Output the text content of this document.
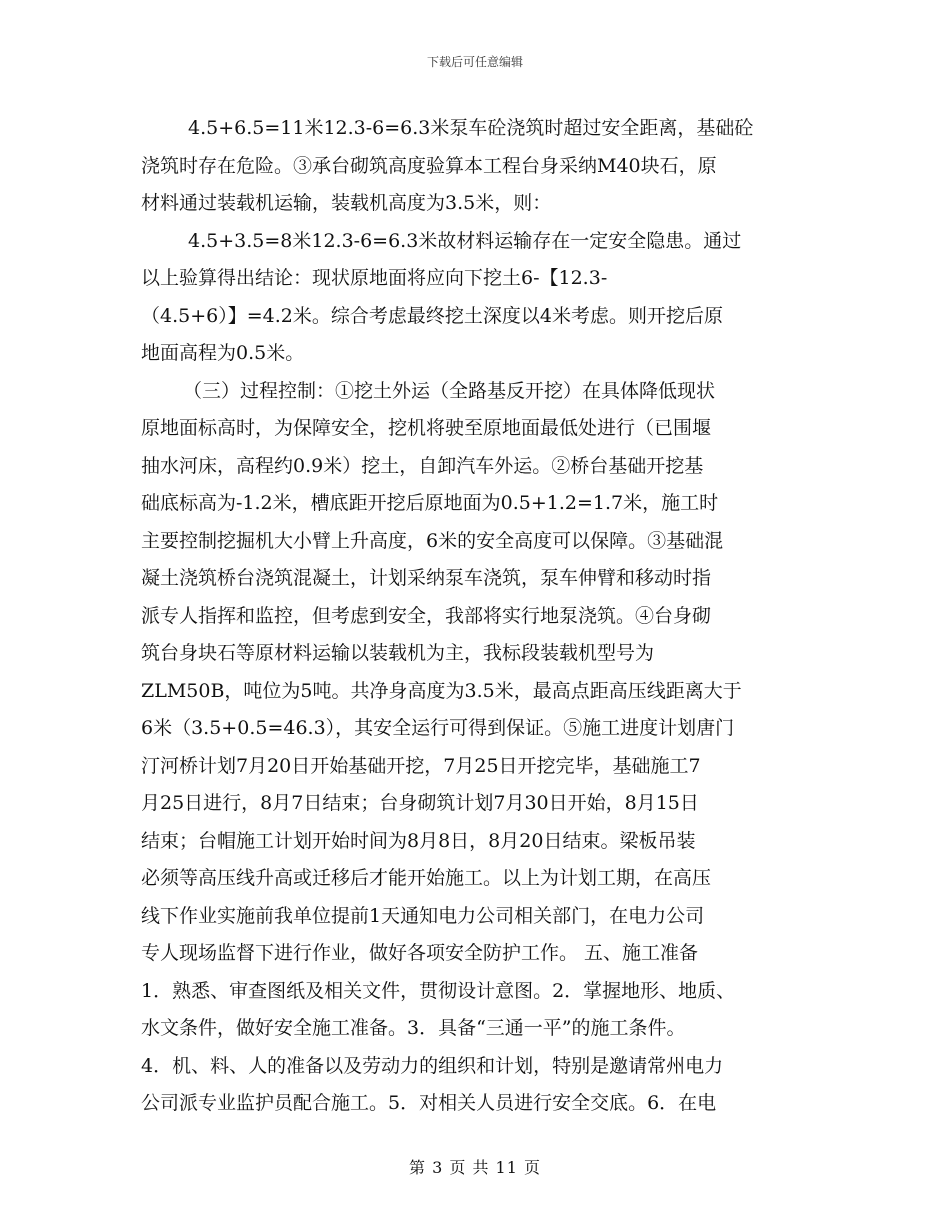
下载后可任意编辑
4.5+6.5=11米12.3-6=6.3米泵车砼浇筑时超过安全距离，基础砼
浇筑时存在危险。③承台砌筑高度验算本工程台身采纳M40块石，原
材料通过装载机运输，装载机高度为3.5米，则：
4.5+3.5=8米12.3-6=6.3米故材料运输存在一定安全隐患。通过
以上验算得出结论：现状原地面将应向下挖土6-【12.3-
（4.5+6）】=4.2米。综合考虑最终挖土深度以4米考虑。则开挖后原
地面高程为0.5米。
（三）过程控制：①挖土外运（全路基反开挖）在具体降低现状
原地面标高时，为保障安全，挖机将驶至原地面最低处进行（已围堰
抽水河床，高程约0.9米）挖土，自卸汽车外运。②桥台基础开挖基
础底标高为-1.2米，槽底距开挖后原地面为0.5+1.2=1.7米，施工时
主要控制挖掘机大小臂上升高度，6米的安全高度可以保障。③基础混
凝土浇筑桥台浇筑混凝土，计划采纳泵车浇筑，泵车伸臂和移动时指
派专人指挥和监控，但考虑到安全，我部将实行地泵浇筑。④台身砌
筑台身块石等原材料运输以装载机为主，我标段装载机型号为
ZLM50B，吨位为5吨。共净身高度为3.5米，最高点距高压线距离大于
6米（3.5+0.5=46.3），其安全运行可得到保证。⑤施工进度计划唐门
汀河桥计划7月20日开始基础开挖，7月25日开挖完毕，基础施工7
月25日进行，8月7日结束；台身砌筑计划7月30日开始，8月15日
结束；台帽施工计划开始时间为8月8日，8月20日结束。梁板吊装
必须等高压线升高或迁移后才能开始施工。以上为计划工期，在高压
线下作业实施前我单位提前1天通知电力公司相关部门，在电力公司
专人现场监督下进行作业，做好各项安全防护工作。 五、施工准备
1．熟悉、审查图纸及相关文件，贯彻设计意图。2．掌握地形、地质、
水文条件，做好安全施工准备。3．具备“三通一平”的施工条件。
4．机、料、人的准备以及劳动力的组织和计划，特别是邀请常州电力
公司派专业监护员配合施工。5．对相关人员进行安全交底。6．在电
第 3 页 共 11 页
